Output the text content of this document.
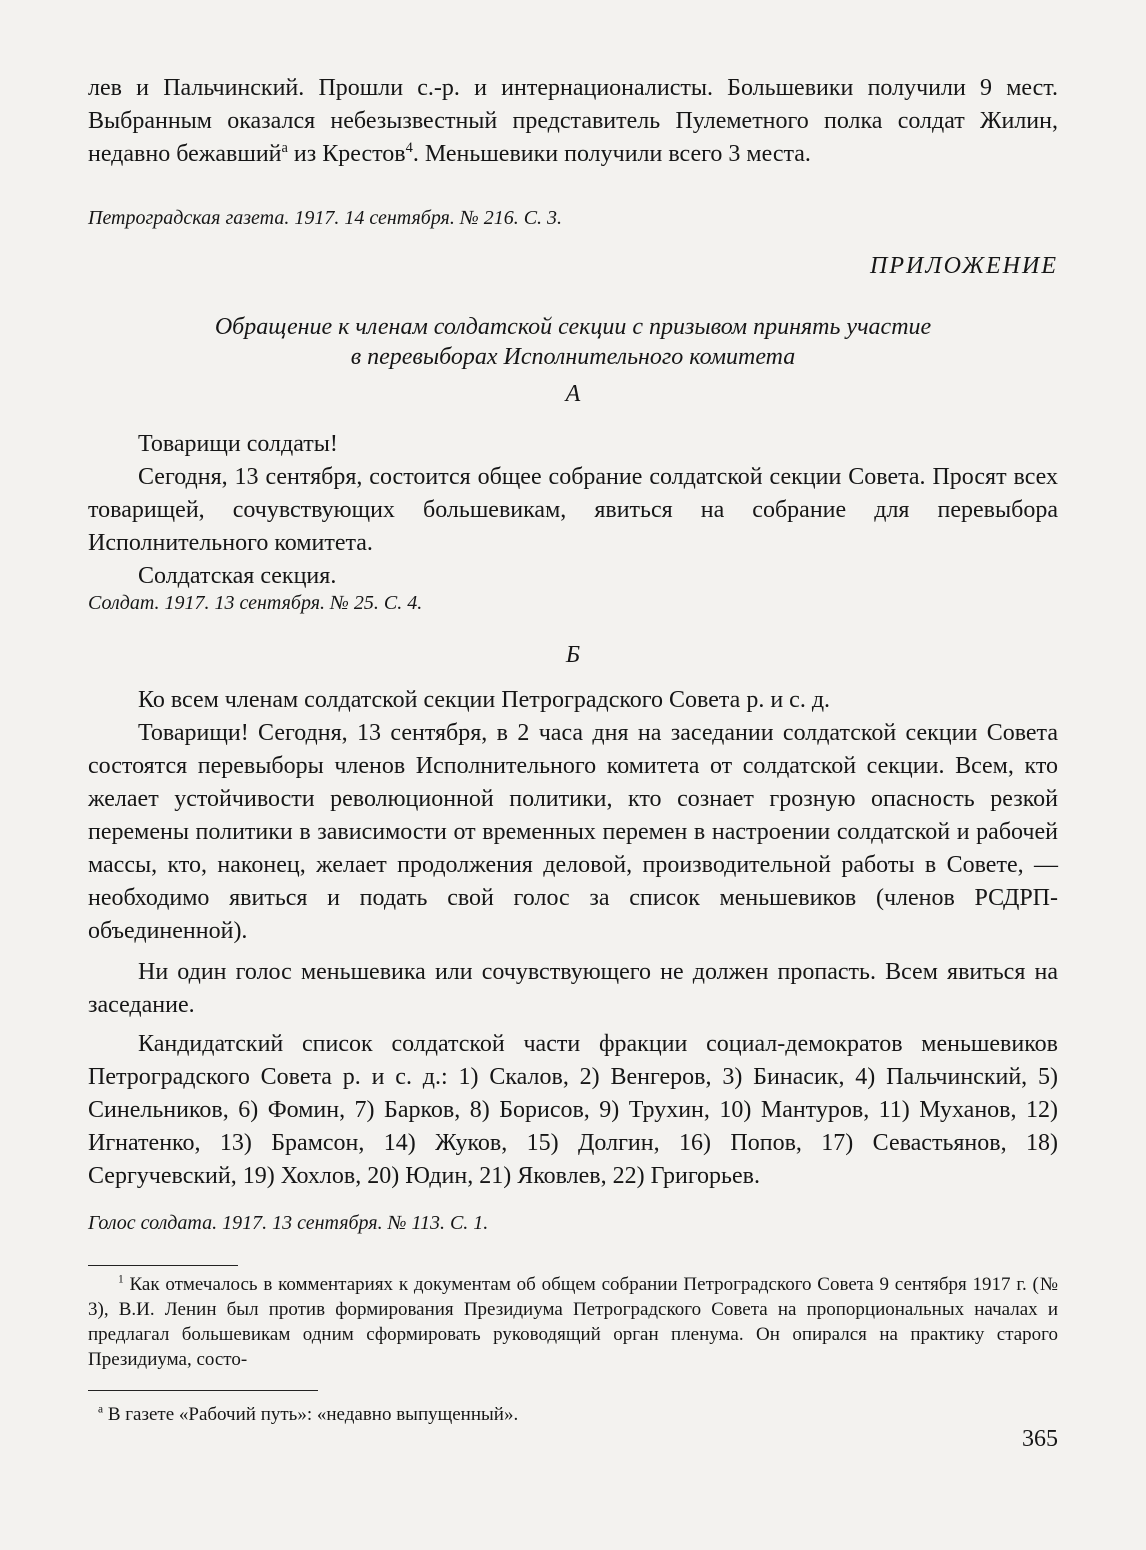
лев и Пальчинский. Прошли с.-р. и интернационалисты. Большевики получили 9 мест. Выбранным оказался небезызвестный представитель Пулеметного полка солдат Жилин, недавно бежавший$^а$ из Крестов$^4$. Меньшевики получили всего 3 места.

Петроградская газета. 1917. 14 сентября. № 216. С. 3.

ПРИЛОЖЕНИЕ
Обращение к членам солдатской секции с призывом принять участие
в перевыборах Исполнительного комитета
А

Товарищи солдаты!

Сегодня, 13 сентября, состоится общее собрание солдатской секции Совета. Просят всех товарищей, сочувствующих большевикам, явиться на собрание для перевыбора Исполнительного комитета.

Солдатская секция.

Солдат. 1917. 13 сентября. № 25. С. 4.

Б

Ко всем членам солдатской секции Петроградского Совета р. и с. д.

Товарищи! Сегодня, 13 сентября, в 2 часа дня на заседании солдатской секции Совета состоятся перевыборы членов Исполнительного комитета от солдатской секции. Всем, кто желает устойчивости революционной политики, кто сознает грозную опасность резкой перемены политики в зависимости от временных перемен в настроении солдатской и рабочей массы, кто, наконец, желает продолжения деловой, производительной работы в Совете, — необходимо явиться и подать свой голос за список меньшевиков (членов РСДРП-объединенной).

Ни один голос меньшевика или сочувствующего не должен пропасть. Всем явиться на заседание.

Кандидатский список солдатской части фракции социал-демократов меньшевиков Петроградского Совета р. и с. д.: 1) Скалов, 2) Венгеров, 3) Бинасик, 4) Пальчинский, 5) Синельников, 6) Фомин, 7) Барков, 8) Борисов, 9) Трухин, 10) Мантуров, 11) Муханов, 12) Игнатенко, 13) Брамсон, 14) Жуков, 15) Долгин, 16) Попов, 17) Севастьянов, 18) Сергучевский, 19) Хохлов, 20) Юдин, 21) Яковлев, 22) Григорьев.

Голос солдата. 1917. 13 сентября. № 113. С. 1.

$^1$ Как отмечалось в комментариях к документам об общем собрании Петроградского Совета 9 сентября 1917 г. (№ 3), В.И. Ленин был против формирования Президиума Петроградского Совета на пропорциональных началах и предлагал большевикам одним сформировать руководящий орган пленума. Он опирался на практику старого Президиума, состо-

$^а$ В газете «Рабочий путь»: «недавно выпущенный».

365
